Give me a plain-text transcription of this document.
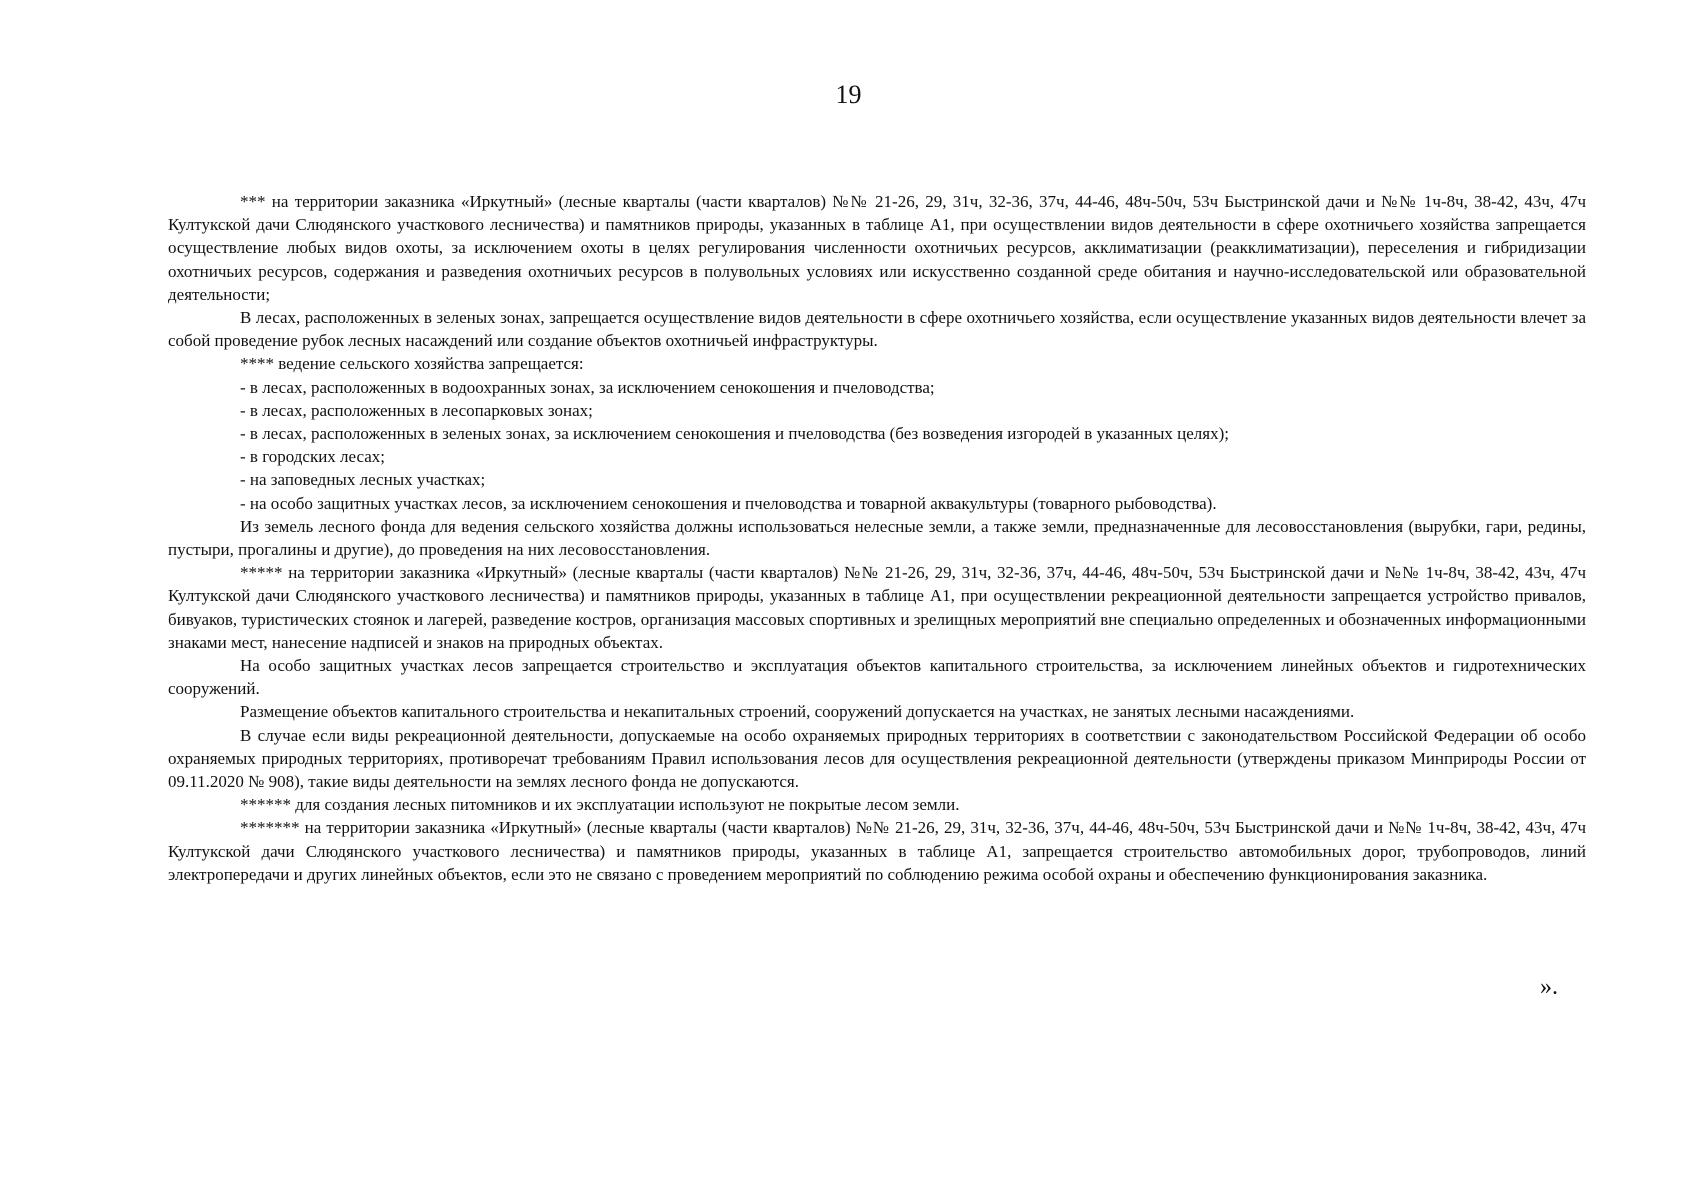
19

*** на территории заказника «Иркутный» (лесные кварталы (части кварталов) №№ 21-26, 29, 31ч, 32-36, 37ч, 44-46, 48ч-50ч, 53ч Быстринской дачи и №№ 1ч-8ч, 38-42, 43ч, 47ч Култукской дачи Слюдянского участкового лесничества) и памятников природы, указанных в таблице А1, при осуществлении видов деятельности в сфере охотничьего хозяйства запрещается осуществление любых видов охоты, за исключением охоты в целях регулирования численности охотничьих ресурсов, акклиматизации (реакклиматизации), переселения и гибридизации охотничьих ресурсов, содержания и разведения охотничьих ресурсов в полувольных условиях или искусственно созданной среде обитания и научно-исследовательской или образовательной деятельности;

В лесах, расположенных в зеленых зонах, запрещается осуществление видов деятельности в сфере охотничьего хозяйства, если осуществление указанных видов деятельности влечет за собой проведение рубок лесных насаждений или создание объектов охотничьей инфраструктуры.

**** ведение сельского хозяйства запрещается:

- в лесах, расположенных в водоохранных зонах, за исключением сенокошения и пчеловодства;

- в лесах, расположенных в лесопарковых зонах;

- в лесах, расположенных в зеленых зонах, за исключением сенокошения и пчеловодства (без возведения изгородей в указанных целях);

- в городских лесах;

- на заповедных лесных участках;

- на особо защитных участках лесов, за исключением сенокошения и пчеловодства и товарной аквакультуры (товарного рыбоводства).

Из земель лесного фонда для ведения сельского хозяйства должны использоваться нелесные земли, а также земли, предназначенные для лесовосстановления (вырубки, гари, редины, пустыри, прогалины и другие), до проведения на них лесовосстановления.

***** на территории заказника «Иркутный» (лесные кварталы (части кварталов) №№ 21-26, 29, 31ч, 32-36, 37ч, 44-46, 48ч-50ч, 53ч Быстринской дачи и №№ 1ч-8ч, 38-42, 43ч, 47ч Култукской дачи Слюдянского участкового лесничества) и памятников природы, указанных в таблице А1, при осуществлении рекреационной деятельности запрещается устройство привалов, бивуаков, туристических стоянок и лагерей, разведение костров, организация массовых спортивных и зрелищных мероприятий вне специально определенных и обозначенных информационными знаками мест, нанесение надписей и знаков на природных объектах.

На особо защитных участках лесов запрещается строительство и эксплуатация объектов капитального строительства, за исключением линейных объектов и гидротехнических сооружений.

Размещение объектов капитального строительства и некапитальных строений, сооружений допускается на участках, не занятых лесными насаждениями.

В случае если виды рекреационной деятельности, допускаемые на особо охраняемых природных территориях в соответствии с законодательством Российской Федерации об особо охраняемых природных территориях, противоречат требованиям Правил использования лесов для осуществления рекреационной деятельности (утверждены приказом Минприроды России от 09.11.2020 № 908), такие виды деятельности на землях лесного фонда не допускаются.

****** для создания лесных питомников и их эксплуатации используют не покрытые лесом земли.

******* на территории заказника «Иркутный» (лесные кварталы (части кварталов) №№ 21-26, 29, 31ч, 32-36, 37ч, 44-46, 48ч-50ч, 53ч Быстринской дачи и №№ 1ч-8ч, 38-42, 43ч, 47ч Култукской дачи Слюдянского участкового лесничества) и памятников природы, указанных в таблице А1, запрещается строительство автомобильных дорог, трубопроводов, линий электропередачи и других линейных объектов, если это не связано с проведением мероприятий по соблюдению режима особой охраны и обеспечению функционирования заказника.

».
